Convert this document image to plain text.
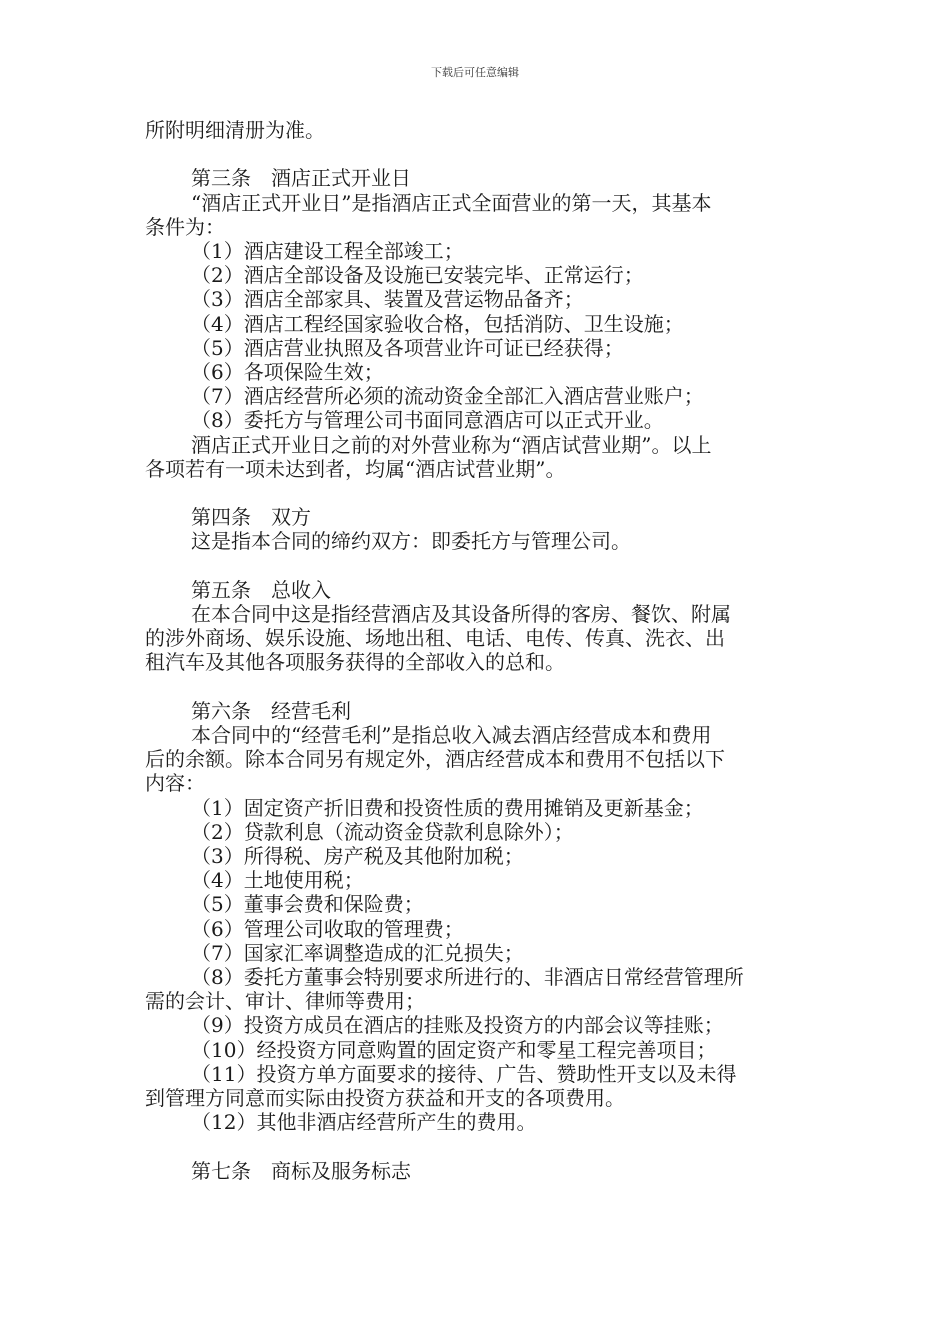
下载后可任意编辑

所附明细清册为准。

第三条　酒店正式开业日

“酒店正式开业日”是指酒店正式全面营业的第一天，其基本

条件为：

（1）酒店建设工程全部竣工；

（2）酒店全部设备及设施已安装完毕、正常运行；

（3）酒店全部家具、装置及营运物品备齐；

（4）酒店工程经国家验收合格，包括消防、卫生设施；

（5）酒店营业执照及各项营业许可证已经获得；

（6）各项保险生效；

（7）酒店经营所必须的流动资金全部汇入酒店营业账户；

（8）委托方与管理公司书面同意酒店可以正式开业。

酒店正式开业日之前的对外营业称为“酒店试营业期”。以上

各项若有一项未达到者，均属“酒店试营业期”。

第四条　双方

这是指本合同的缔约双方：即委托方与管理公司。

第五条　总收入

在本合同中这是指经营酒店及其设备所得的客房、餐饮、附属

的涉外商场、娱乐设施、场地出租、电话、电传、传真、洗衣、出

租汽车及其他各项服务获得的全部收入的总和。

第六条　经营毛利

本合同中的“经营毛利”是指总收入减去酒店经营成本和费用

后的余额。除本合同另有规定外，酒店经营成本和费用不包括以下

内容：

（1）固定资产折旧费和投资性质的费用摊销及更新基金；

（2）贷款利息（流动资金贷款利息除外）；

（3）所得税、房产税及其他附加税；

（4）土地使用税；

（5）董事会费和保险费；

（6）管理公司收取的管理费；

（7）国家汇率调整造成的汇兑损失；

（8）委托方董事会特别要求所进行的、非酒店日常经营管理所

需的会计、审计、律师等费用；

（9）投资方成员在酒店的挂账及投资方的内部会议等挂账；

（10）经投资方同意购置的固定资产和零星工程完善项目；

（11）投资方单方面要求的接待、广告、赞助性开支以及未得

到管理方同意而实际由投资方获益和开支的各项费用。

（12）其他非酒店经营所产生的费用。

第七条　商标及服务标志
